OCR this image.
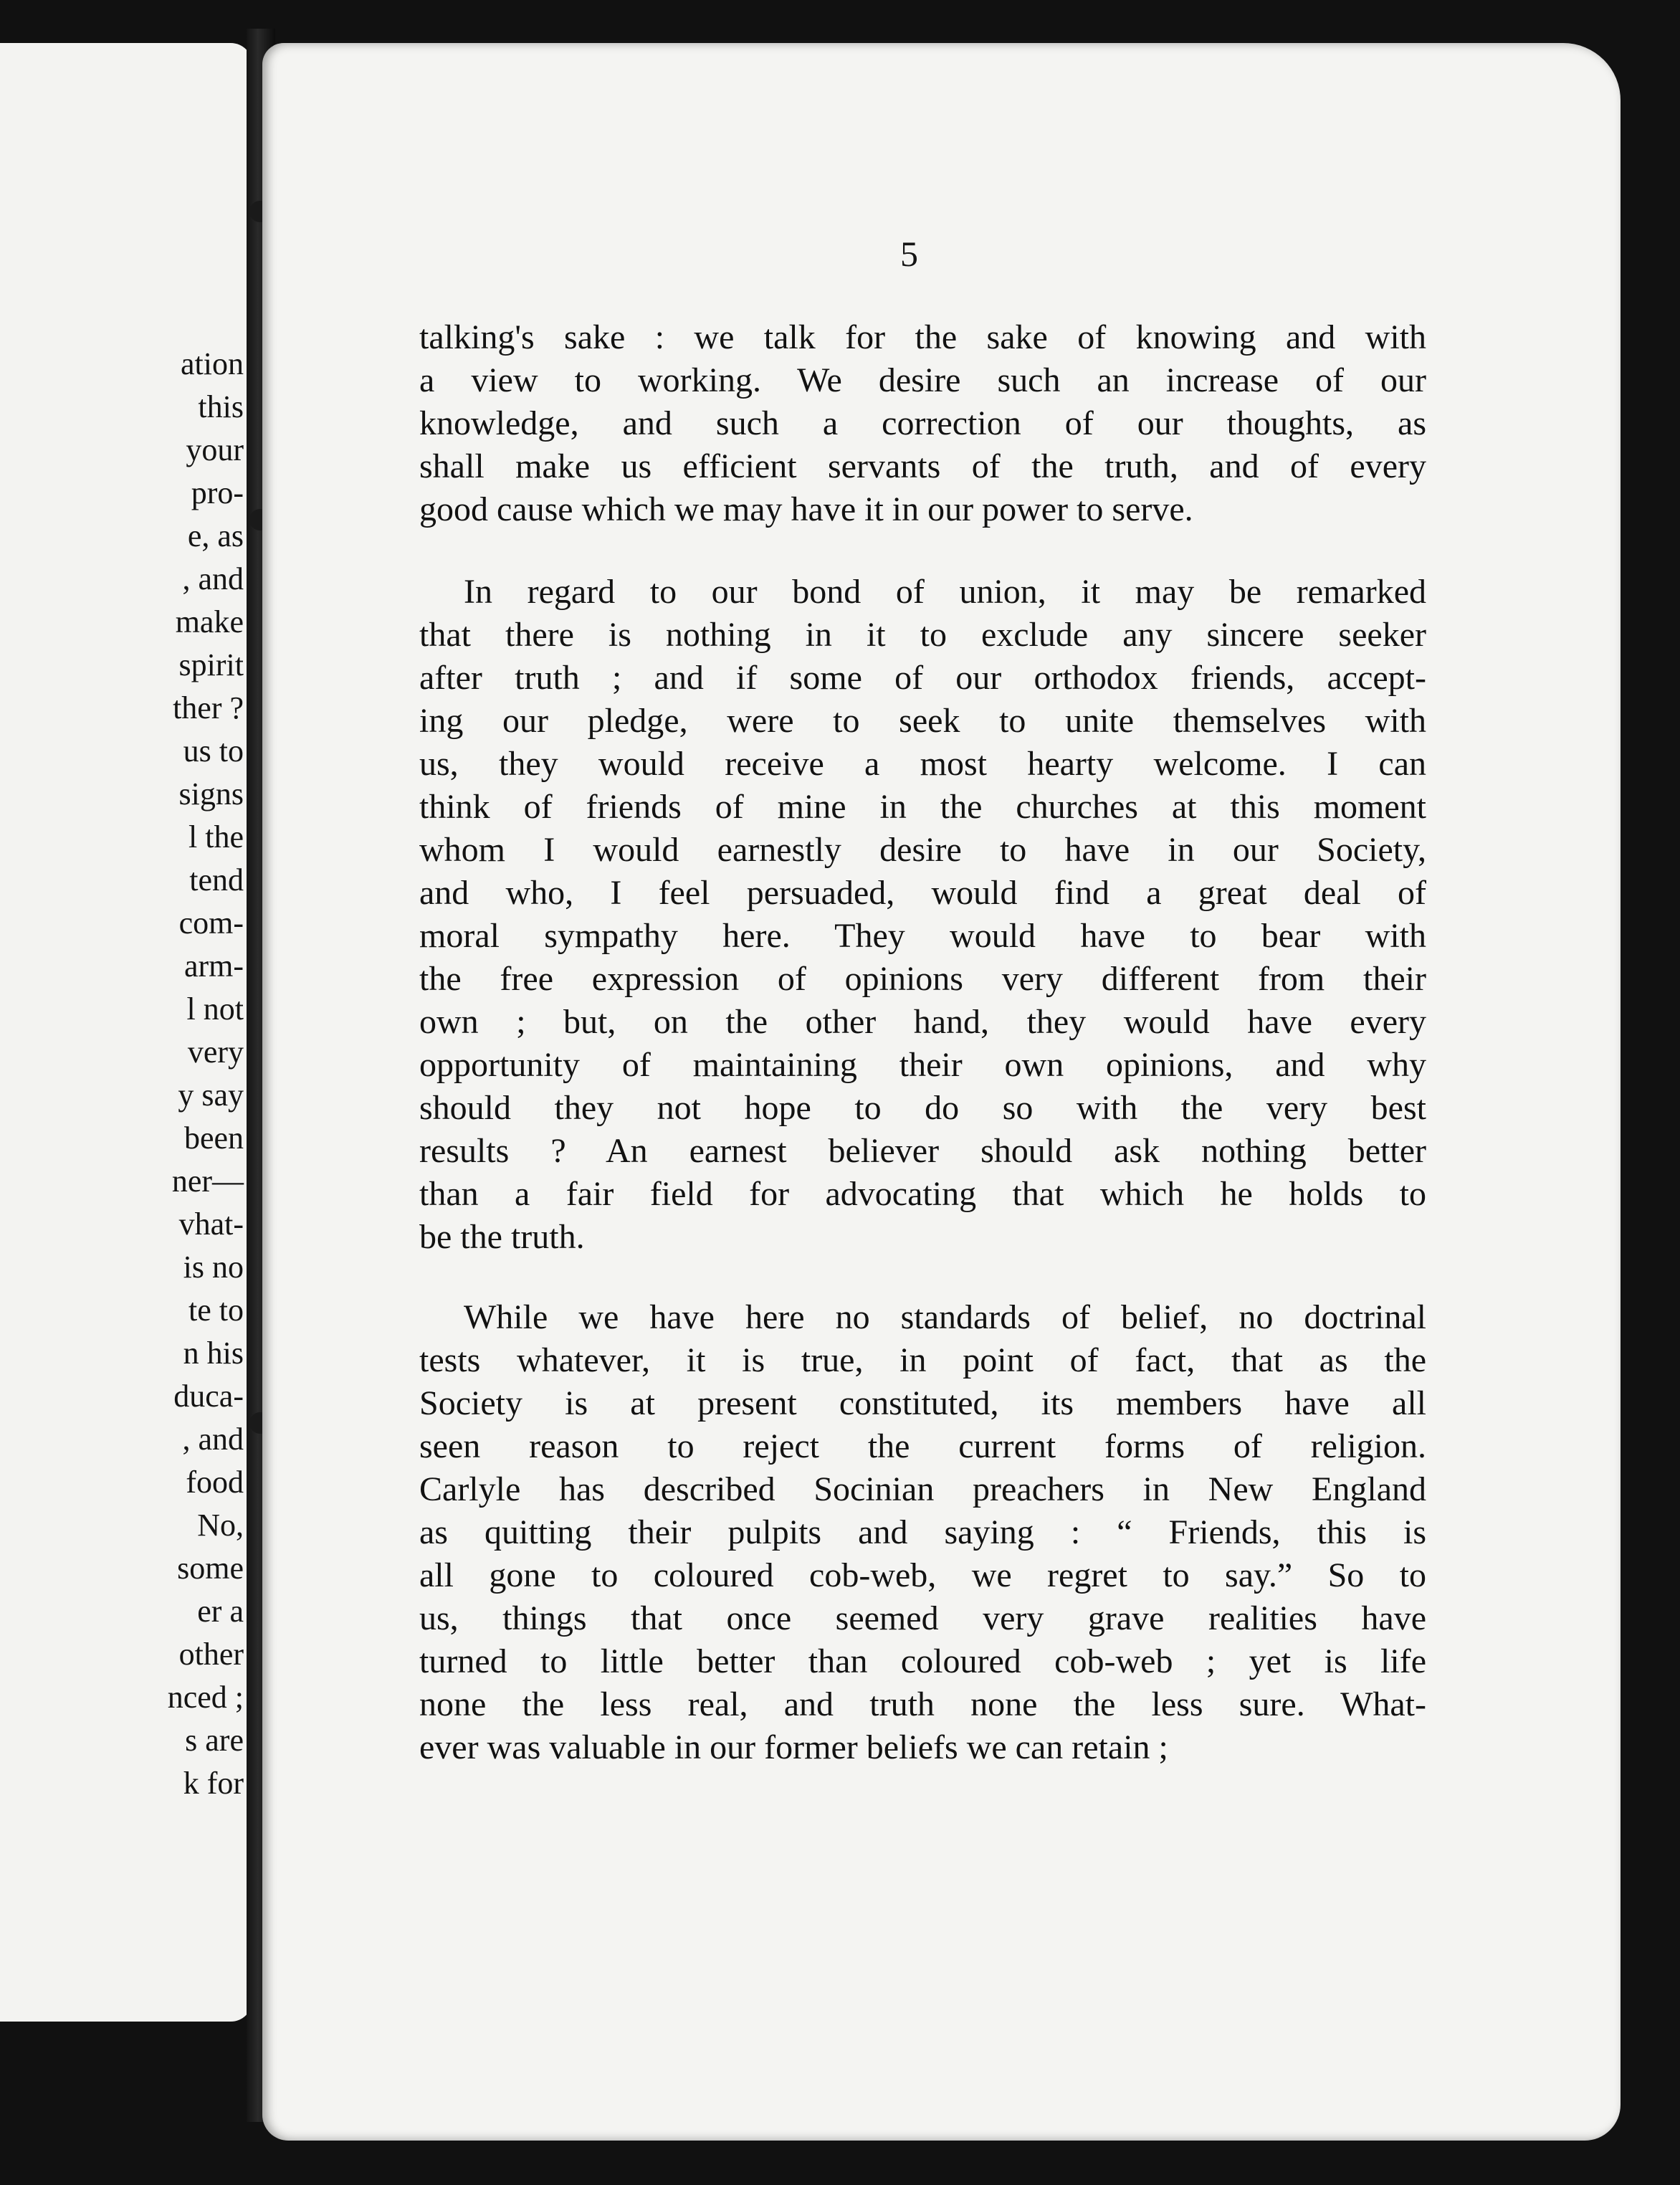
ation
this
your
pro-
e, as
, and
make
spirit
ther ?
us to
signs
l the
tend
com-
arm-
l not
very
y say
been
ner—
vhat-
is no
te to
n his
duca-
, and
food
No,
some
er a
other
nced ;
s are
k for
5
talking's sake : we talk for the sake of knowing and with
a view to working. We desire such an increase of our
knowledge, and such a correction of our thoughts, as
shall make us efficient servants of the truth, and of every
good cause which we may have it in our power to serve.
In regard to our bond of union, it may be remarked
that there is nothing in it to exclude any sincere seeker
after truth ; and if some of our orthodox friends, accept-
ing our pledge, were to seek to unite themselves with
us, they would receive a most hearty welcome. I can
think of friends of mine in the churches at this moment
whom I would earnestly desire to have in our Society,
and who, I feel persuaded, would find a great deal of
moral sympathy here. They would have to bear with
the free expression of opinions very different from their
own ; but, on the other hand, they would have every
opportunity of maintaining their own opinions, and why
should they not hope to do so with the very best
results ? An earnest believer should ask nothing better
than a fair field for advocating that which he holds to
be the truth.
While we have here no standards of belief, no doctrinal
tests whatever, it is true, in point of fact, that as the
Society is at present constituted, its members have all
seen reason to reject the current forms of religion.
Carlyle has described Socinian preachers in New England
as quitting their pulpits and saying : “ Friends, this is
all gone to coloured cob-web, we regret to say.” So to
us, things that once seemed very grave realities have
turned to little better than coloured cob-web ; yet is life
none the less real, and truth none the less sure. What-
ever was valuable in our former beliefs we can retain ;
